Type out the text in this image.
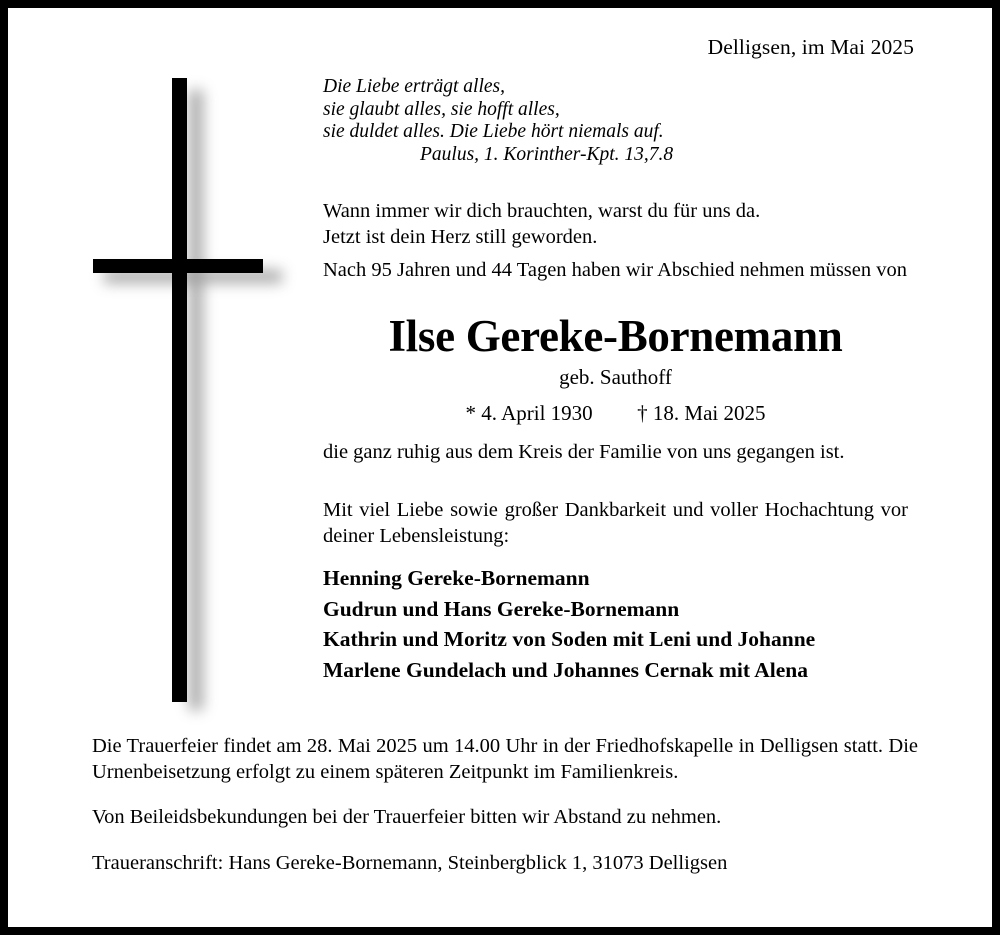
Delligsen, im Mai 2025
Die Liebe erträgt alles,
sie glaubt alles, sie hofft alles,
sie duldet alles. Die Liebe hört niemals auf.
Paulus, 1. Korinther-Kpt. 13,7.8
Wann immer wir dich brauchten, warst du für uns da.
Jetzt ist dein Herz still geworden.
Nach 95 Jahren und 44 Tagen haben wir Abschied nehmen müssen von
Ilse Gereke-Bornemann
geb. Sauthoff
* 4. April 1930 † 18. Mai 2025
die ganz ruhig aus dem Kreis der Familie von uns gegangen ist.
Mit viel Liebe sowie großer Dankbarkeit und voller Hochachtung vor deiner Lebensleistung:
Henning Gereke-Bornemann
Gudrun und Hans Gereke-Bornemann
Kathrin und Moritz von Soden mit Leni und Johanne
Marlene Gundelach und Johannes Cernak mit Alena

Die Trauerfeier findet am 28. Mai 2025 um 14.00 Uhr in der Friedhofskapelle in Delligsen statt. Die Urnenbeisetzung erfolgt zu einem späteren Zeitpunkt im Familienkreis.

Von Beileidsbekundungen bei der Trauerfeier bitten wir Abstand zu nehmen.

Traueranschrift: Hans Gereke-Bornemann, Steinbergblick 1, 31073 Delligsen
